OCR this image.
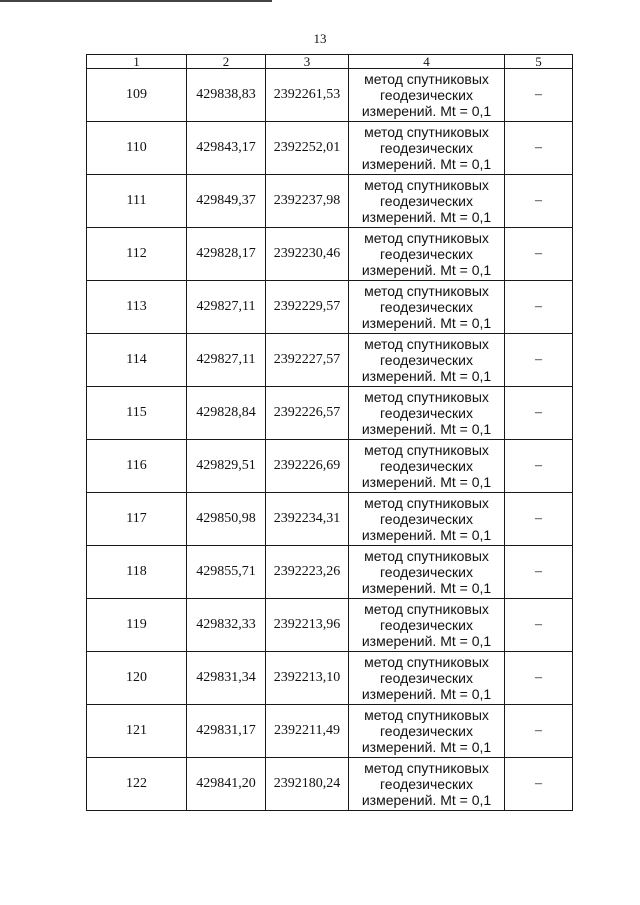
13
1	2	3	4	5
109	429838,83	2392261,53	метод спутниковых
геодезических
измерений. Mt = 0,1	–
110	429843,17	2392252,01	метод спутниковых
геодезических
измерений. Mt = 0,1	–
111	429849,37	2392237,98	метод спутниковых
геодезических
измерений. Mt = 0,1	–
112	429828,17	2392230,46	метод спутниковых
геодезических
измерений. Mt = 0,1	–
113	429827,11	2392229,57	метод спутниковых
геодезических
измерений. Mt = 0,1	–
114	429827,11	2392227,57	метод спутниковых
геодезических
измерений. Mt = 0,1	–
115	429828,84	2392226,57	метод спутниковых
геодезических
измерений. Mt = 0,1	–
116	429829,51	2392226,69	метод спутниковых
геодезических
измерений. Mt = 0,1	–
117	429850,98	2392234,31	метод спутниковых
геодезических
измерений. Mt = 0,1	–
118	429855,71	2392223,26	метод спутниковых
геодезических
измерений. Mt = 0,1	–
119	429832,33	2392213,96	метод спутниковых
геодезических
измерений. Mt = 0,1	–
120	429831,34	2392213,10	метод спутниковых
геодезических
измерений. Mt = 0,1	–
121	429831,17	2392211,49	метод спутниковых
геодезических
измерений. Mt = 0,1	–
122	429841,20	2392180,24	метод спутниковых
геодезических
измерений. Mt = 0,1	–
